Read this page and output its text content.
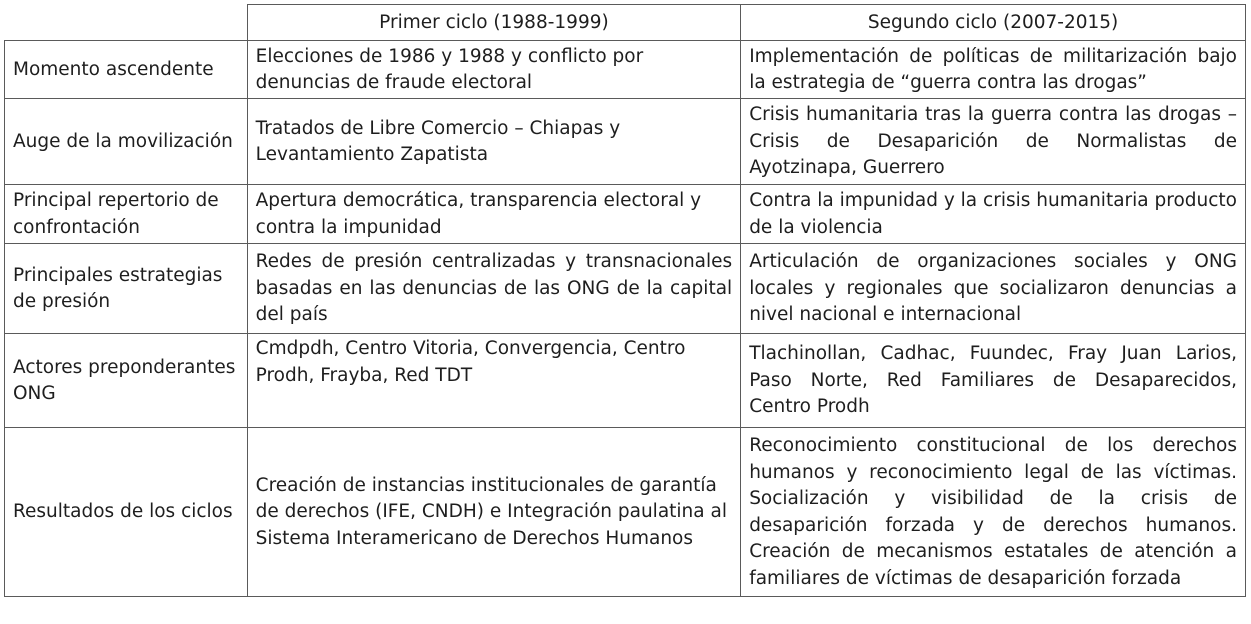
	Primer ciclo (1988-1999)	Segundo ciclo (2007-2015)
Momento ascendente	Elecciones de 1986 y 1988 y conflicto por denuncias de fraude electoral	Implementación de políticas de militarización bajo la estrategia de “guerra contra las drogas”
Auge de la movilización	Tratados de Libre Comercio – Chiapas y Levantamiento Zapatista	Crisis humanitaria tras la guerra contra las drogas – Crisis de Desaparición de Normalistas de Ayotzinapa, Guerrero
Principal repertorio de confrontación	Apertura democrática, transparencia electoral y contra la impunidad	Contra la impunidad y la crisis humanitaria producto de la violencia
Principales estrategias de presión	Redes de presión centralizadas y transnacionales basadas en las denuncias de las ONG de la capital del país	Articulación de organizaciones sociales y ONG locales y regionales que socializaron denuncias a nivel nacional e internacional
Actores preponderantes ONG	Cmdpdh, Centro Vitoria, Convergencia, Centro Prodh, Frayba, Red TDT	Tlachinollan, Cadhac, Fuundec, Fray Juan Larios, Paso Norte, Red Familiares de Desaparecidos, Centro Prodh
Resultados de los ciclos	Creación de instancias institucionales de garantía de derechos (IFE, CNDH) e Integración paulatina al Sistema Interamericano de Derechos Humanos	Reconocimiento constitucional de los derechos humanos y reconocimiento legal de las víctimas. Socialización y visibilidad de la crisis de desaparición forzada y de derechos humanos. Creación de mecanismos estatales de atención a familiares de víctimas de desaparición forzada
